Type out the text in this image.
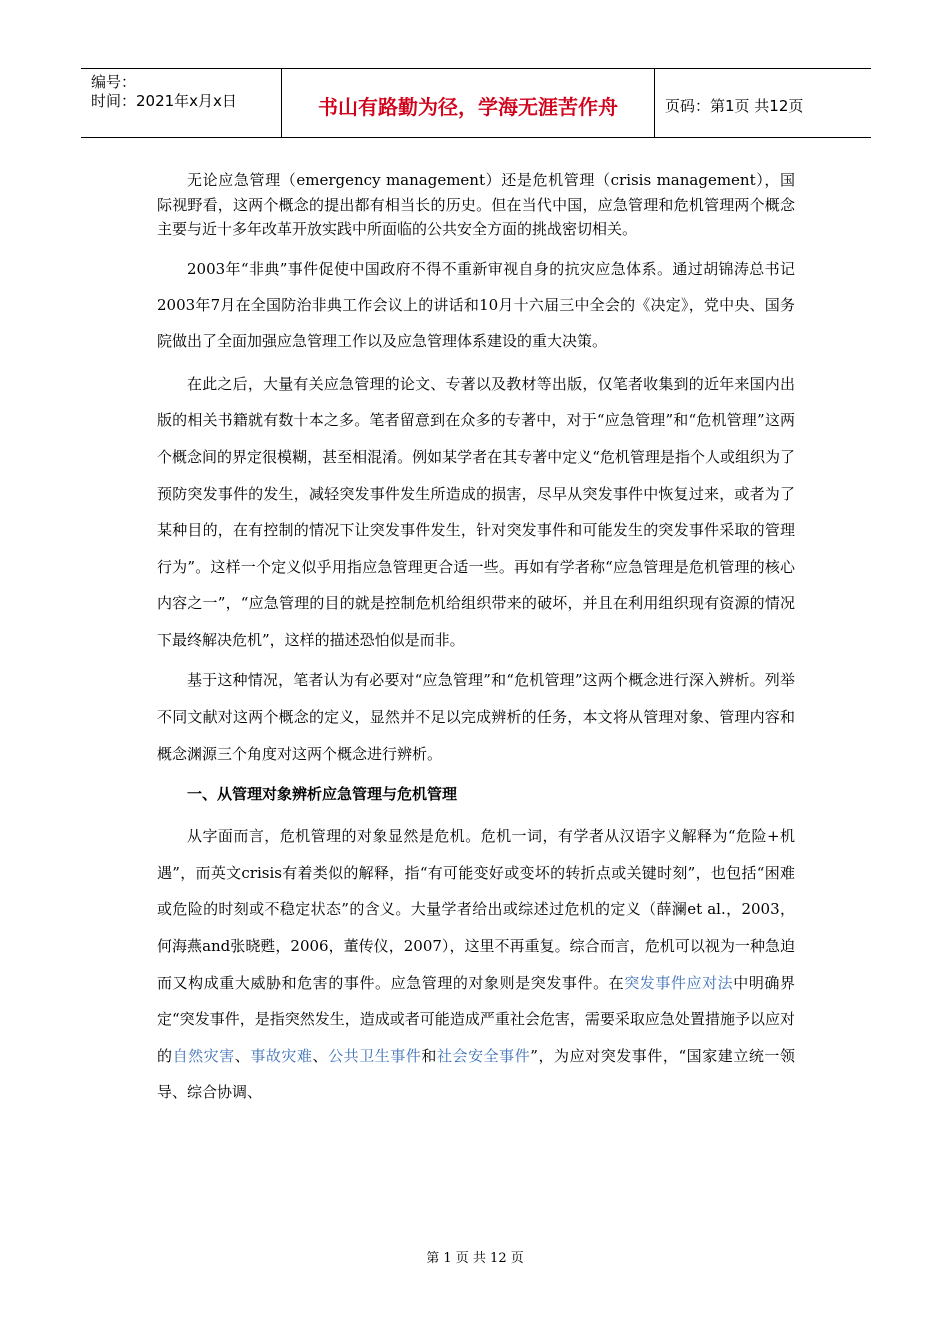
编号：
时间：2021年x月x日	书山有路勤为径，学海无涯苦作舟	页码：第1页 共12页

无论应急管理（emergency management）还是危机管理（crisis management），国际视野看，这两个概念的提出都有相当长的历史。但在当代中国，应急管理和危机管理两个概念主要与近十多年改革开放实践中所面临的公共安全方面的挑战密切相关。

2003年“非典”事件促使中国政府不得不重新审视自身的抗灾应急体系。通过胡锦涛总书记2003年7月在全国防治非典工作会议上的讲话和10月十六届三中全会的《决定》，党中央、国务院做出了全面加强应急管理工作以及应急管理体系建设的重大决策。

在此之后，大量有关应急管理的论文、专著以及教材等出版，仅笔者收集到的近年来国内出版的相关书籍就有数十本之多。笔者留意到在众多的专著中，对于“应急管理”和“危机管理”这两个概念间的界定很模糊，甚至相混淆。例如某学者在其专著中定义“危机管理是指个人或组织为了预防突发事件的发生，减轻突发事件发生所造成的损害，尽早从突发事件中恢复过来，或者为了某种目的，在有控制的情况下让突发事件发生，针对突发事件和可能发生的突发事件采取的管理行为”。这样一个定义似乎用指应急管理更合适一些。再如有学者称“应急管理是危机管理的核心内容之一”，“应急管理的目的就是控制危机给组织带来的破坏，并且在利用组织现有资源的情况下最终解决危机”，这样的描述恐怕似是而非。

基于这种情况，笔者认为有必要对“应急管理”和“危机管理”这两个概念进行深入辨析。列举不同文献对这两个概念的定义，显然并不足以完成辨析的任务，本文将从管理对象、管理内容和概念渊源三个角度对这两个概念进行辨析。

一、从管理对象辨析应急管理与危机管理

从字面而言，危机管理的对象显然是危机。危机一词，有学者从汉语字义解释为“危险+机遇”，而英文crisis有着类似的解释，指“有可能变好或变坏的转折点或关键时刻”，也包括“困难或危险的时刻或不稳定状态”的含义。大量学者给出或综述过危机的定义（薛澜et al.，2003，何海燕and张晓甦，2006，董传仪，2007），这里不再重复。综合而言，危机可以视为一种急迫而又构成重大威胁和危害的事件。应急管理的对象则是突发事件。在突发事件应对法中明确界定“突发事件，是指突然发生，造成或者可能造成严重社会危害，需要采取应急处置措施予以应对的自然灾害、事故灾难、公共卫生事件和社会安全事件”，为应对突发事件，“国家建立统一领导、综合协调、

第 1 页 共 12 页
